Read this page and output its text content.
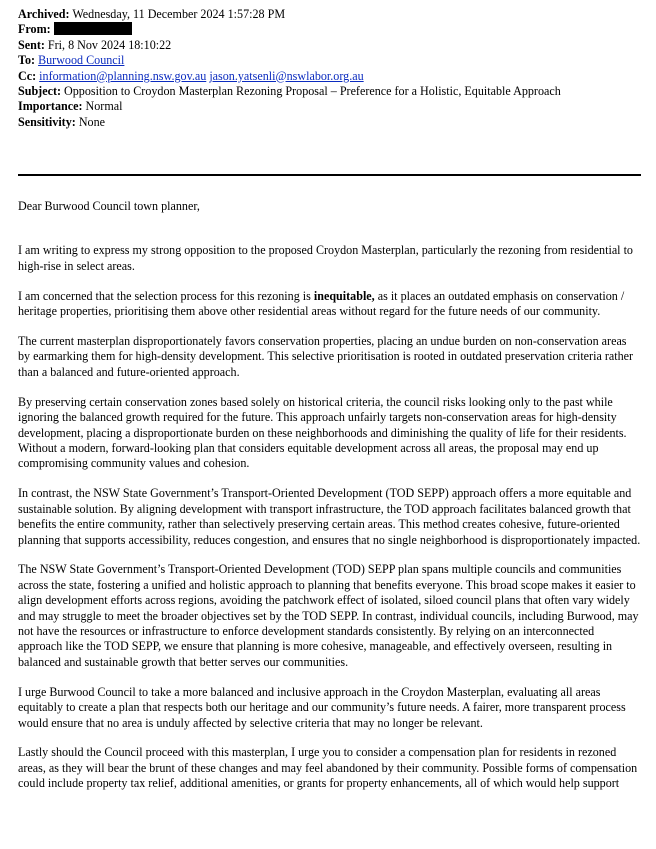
Archived: Wednesday, 11 December 2024 1:57:28 PM
From:
Sent: Fri, 8 Nov 2024 18:10:22
To: Burwood Council
Cc: information@planning.nsw.gov.au jason.yatsenli@nswlabor.org.au
Subject: Opposition to Croydon Masterplan Rezoning Proposal – Preference for a Holistic, Equitable Approach
Importance: Normal
Sensitivity: None

Dear Burwood Council town planner,

I am writing to express my strong opposition to the proposed Croydon Masterplan, particularly the rezoning from residential to high-rise in select areas.

I am concerned that the selection process for this rezoning is inequitable, as it places an outdated emphasis on conservation / heritage properties, prioritising them above other residential areas without regard for the future needs of our community.

The current masterplan disproportionately favors conservation properties, placing an undue burden on non-conservation areas by earmarking them for high-density development. This selective prioritisation is rooted in outdated preservation criteria rather than a balanced and future-oriented approach.

By preserving certain conservation zones based solely on historical criteria, the council risks looking only to the past while ignoring the balanced growth required for the future. This approach unfairly targets non-conservation areas for high-density development, placing a disproportionate burden on these neighborhoods and diminishing the quality of life for their residents. Without a modern, forward-looking plan that considers equitable development across all areas, the proposal may end up compromising community values and cohesion.

In contrast, the NSW State Government’s Transport-Oriented Development (TOD SEPP) approach offers a more equitable and sustainable solution. By aligning development with transport infrastructure, the TOD approach facilitates balanced growth that benefits the entire community, rather than selectively preserving certain areas. This method creates cohesive, future-oriented planning that supports accessibility, reduces congestion, and ensures that no single neighborhood is disproportionately impacted.

The NSW State Government’s Transport-Oriented Development (TOD) SEPP plan spans multiple councils and communities across the state, fostering a unified and holistic approach to planning that benefits everyone. This broad scope makes it easier to align development efforts across regions, avoiding the patchwork effect of isolated, siloed council plans that often vary widely and may struggle to meet the broader objectives set by the TOD SEPP. In contrast, individual councils, including Burwood, may not have the resources or infrastructure to enforce development standards consistently. By relying on an interconnected approach like the TOD SEPP, we ensure that planning is more cohesive, manageable, and effectively overseen, resulting in balanced and sustainable growth that better serves our communities.

I urge Burwood Council to take a more balanced and inclusive approach in the Croydon Masterplan, evaluating all areas equitably to create a plan that respects both our heritage and our community’s future needs. A fairer, more transparent process would ensure that no area is unduly affected by selective criteria that may no longer be relevant.

Lastly should the Council proceed with this masterplan, I urge you to consider a compensation plan for residents in rezoned areas, as they will bear the brunt of these changes and may feel abandoned by their community. Possible forms of compensation could include property tax relief, additional amenities, or grants for property enhancements, all of which would help support
